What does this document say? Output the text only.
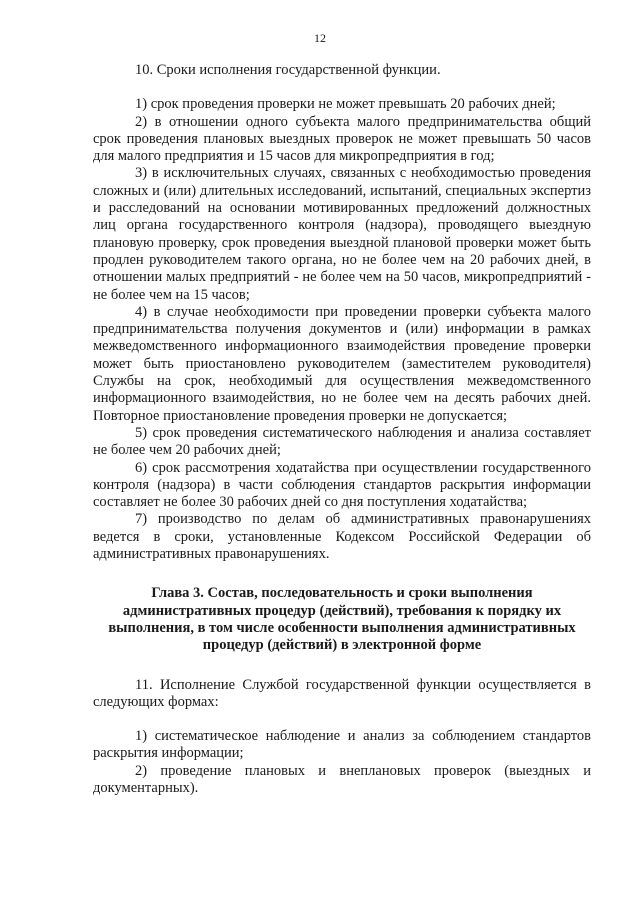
12

10. Сроки исполнения государственной функции.

1) срок проведения проверки не может превышать 20 рабочих дней;

2) в отношении одного субъекта малого предпринимательства общий срок проведения плановых выездных проверок не может превышать 50 часов для малого предприятия и 15 часов для микропредприятия в год;

3) в исключительных случаях, связанных с необходимостью проведения сложных и (или) длительных исследований, испытаний, специальных экспертиз и расследований на основании мотивированных предложений должностных лиц органа государственного контроля (надзора), проводящего выездную плановую проверку, срок проведения выездной плановой проверки может быть продлен руководителем такого органа, но не более чем на 20 рабочих дней, в отношении малых предприятий - не более чем на 50 часов, микропредприятий - не более чем на 15 часов;

4) в случае необходимости при проведении проверки субъекта малого предпринимательства получения документов и (или) информации в рамках межведомственного информационного взаимодействия проведение проверки может быть приостановлено руководителем (заместителем руководителя) Службы на срок, необходимый для осуществления межведомственного информационного взаимодействия, но не более чем на десять рабочих дней. Повторное приостановление проведения проверки не допускается;

5) срок проведения систематического наблюдения и анализа составляет не более чем 20 рабочих дней;

6) срок рассмотрения ходатайства при осуществлении государственного контроля (надзора) в части соблюдения стандартов раскрытия информации составляет не более 30 рабочих дней со дня поступления ходатайства;

7) производство по делам об административных правонарушениях ведется в сроки, установленные Кодексом Российской Федерации об административных правонарушениях.

Глава 3. Состав, последовательность и сроки выполнения административных процедур (действий), требования к порядку их выполнения, в том числе особенности выполнения административных процедур (действий) в электронной форме

11. Исполнение Службой государственной функции осуществляется в следующих формах:

1) систематическое наблюдение и анализ за соблюдением стандартов раскрытия информации;

2) проведение плановых и внеплановых проверок (выездных и документарных).
